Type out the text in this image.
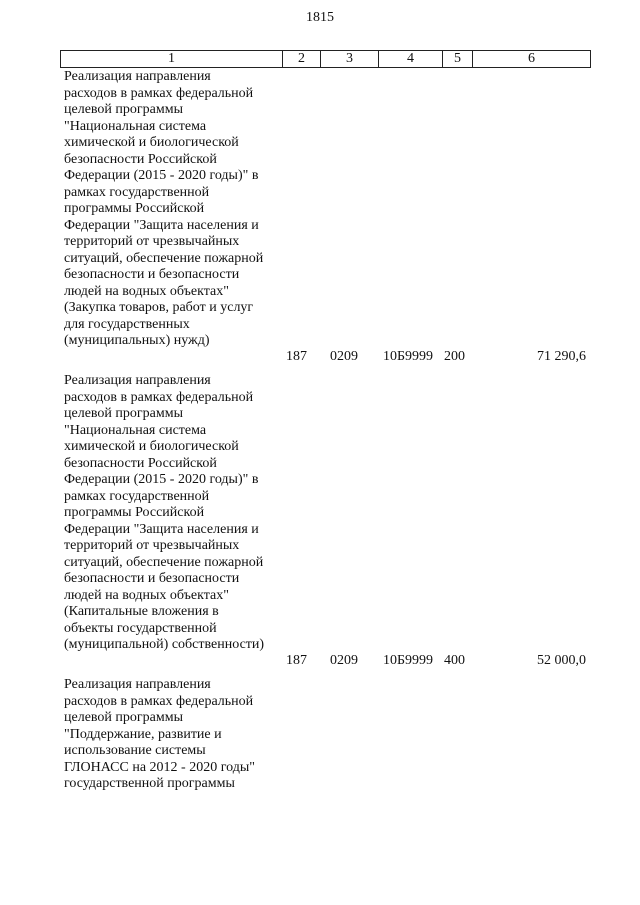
1815
1	2	3	4	5	6

Реализация направления

расходов в рамках федеральной

целевой программы

"Национальная система

химической и биологической

безопасности Российской

Федерации (2015 - 2020 годы)" в

рамках государственной

программы Российской

Федерации "Защита населения и

территорий от чрезвычайных

ситуаций, обеспечение пожарной

безопасности и безопасности

людей на водных объектах"

(Закупка товаров, работ и услуг

для государственных

(муниципальных) нужд)

187 0209 10Б9999 200	71 290,6

Реализация направления

расходов в рамках федеральной

целевой программы

"Национальная система

химической и биологической

безопасности Российской

Федерации (2015 - 2020 годы)" в

рамках государственной

программы Российской

Федерации "Защита населения и

территорий от чрезвычайных

ситуаций, обеспечение пожарной

безопасности и безопасности

людей на водных объектах"

(Капитальные вложения в

объекты государственной

(муниципальной) собственности)

187 0209 10Б9999 400	52 000,0

Реализация направления

расходов в рамках федеральной

целевой программы

"Поддержание, развитие и

использование системы

ГЛОНАСС на 2012 - 2020 годы"

государственной программы
